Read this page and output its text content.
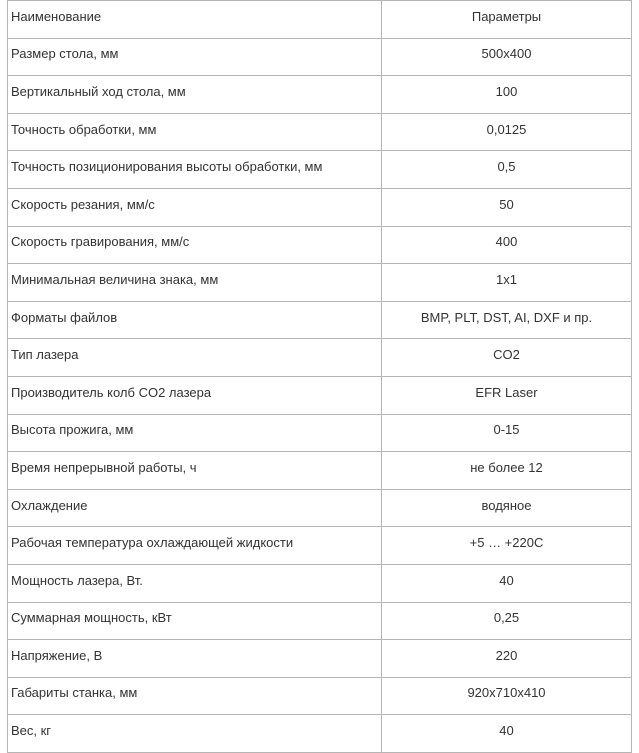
Наименование	Параметры
Размер стола, мм	500x400
Вертикальный ход стола, мм	100
Точность обработки, мм	0,0125
Точность позиционирования высоты обработки, мм	0,5
Скорость резания, мм/с	50
Скорость гравирования, мм/с	400
Минимальная величина знака, мм	1x1
Форматы файлов	BMP, PLT, DST, AI, DXF и пр.
Тип лазера	CO2
Производитель колб CO2 лазера	EFR Laser
Высота прожига, мм	0-15
Время непрерывной работы, ч	не более 12
Охлаждение	водяное
Рабочая температура охлаждающей жидкости	+5 … +220C
Мощность лазера, Вт.	40
Суммарная мощность, кВт	0,25
Напряжение, В	220
Габариты станка, мм	920x710x410
Вес, кг	40
